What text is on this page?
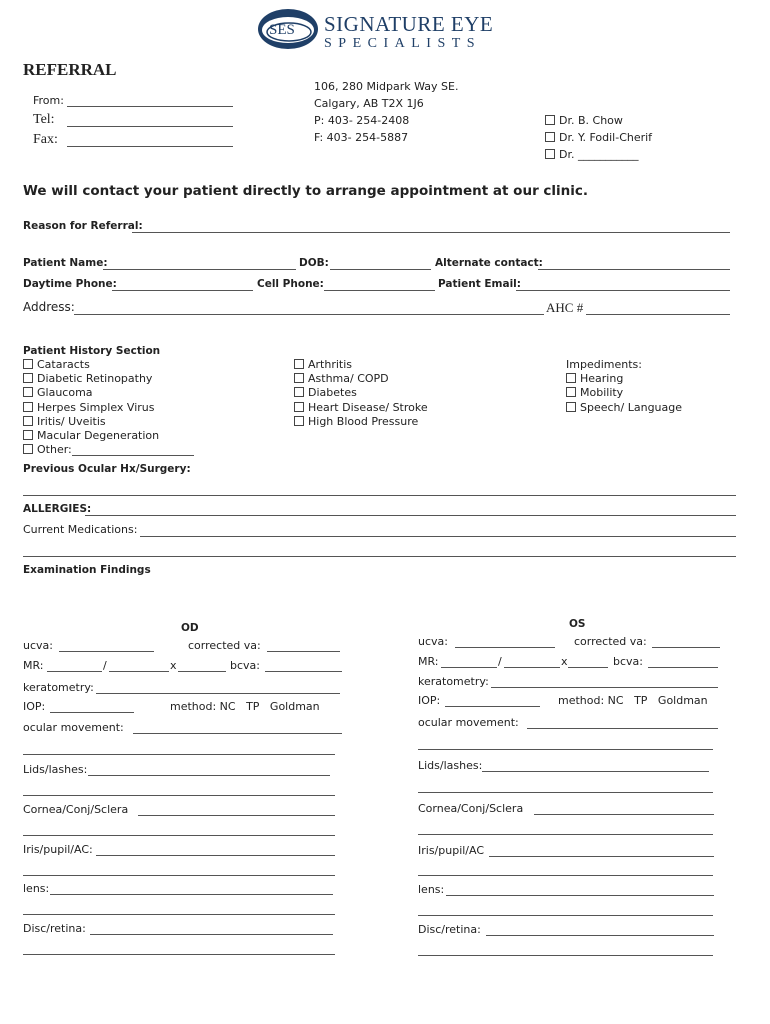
SES SIGNATURE EYE
SPECIALISTS
REFERRAL
From:
Tel:
Fax:
106, 280 Midpark Way SE.
Calgary, AB T2X 1J6
P: 403- 254-2408
F: 403- 254-5887
Dr. B. Chow
Dr. Y. Fodil-Cherif
Dr. ___________
We will contact your patient directly to arrange appointment at our clinic.
Reason for Referral:
Patient Name:	DOB:	Alternate contact:
Daytime Phone:	Cell Phone:	Patient Email:
Address:	AHC #
Patient History Section
Cataracts
Diabetic Retinopathy
Glaucoma
Herpes Simplex Virus
Iritis/ Uveitis
Macular Degeneration
Other:
Arthritis
Asthma/ COPD
Diabetes
Heart Disease/ Stroke
High Blood Pressure
Impediments:
Hearing
Mobility
Speech/ Language
Previous Ocular Hx/Surgery:
ALLERGIES:
Current Medications:
Examination Findings
OD
ucva:	corrected va:
MR:	/	x	bcva:
keratometry:
IOP:	method: NC   TP   Goldman
ocular movement:
Lids/lashes:
Cornea/Conj/Sclera
Iris/pupil/AC:
lens:
Disc/retina:
OS
ucva:	corrected va:
MR:	/	x	bcva:
keratometry:
IOP:	method: NC   TP   Goldman
ocular movement:
Lids/lashes:
Cornea/Conj/Sclera
Iris/pupil/AC
lens:
Disc/retina:
